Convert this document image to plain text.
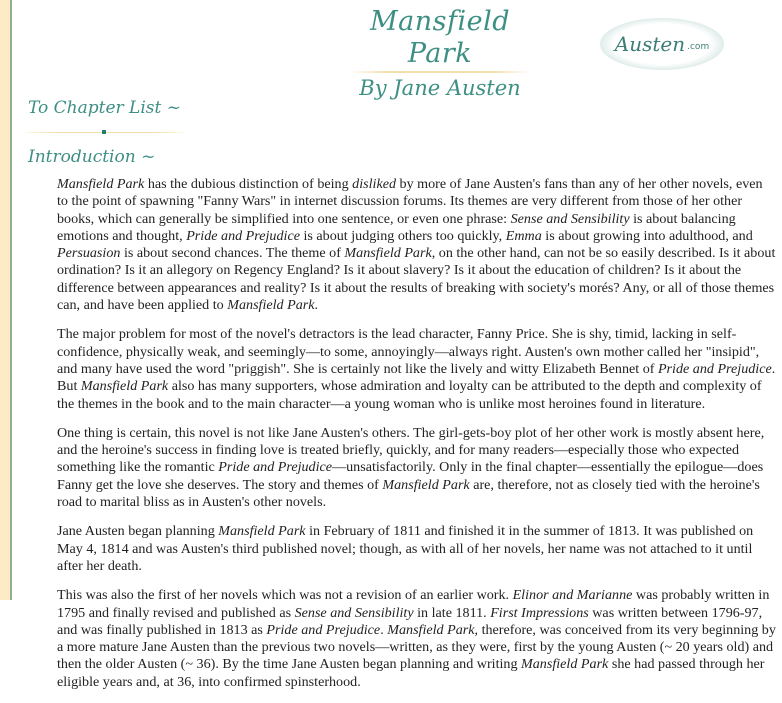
Mansfield Park
By Jane Austen
Austen .com
To Chapter List ~
Introduction ~

Mansfield Park has the dubious distinction of being disliked by more of Jane Austen's fans than any of her other novels, even to the point of spawning "Fanny Wars" in internet discussion forums. Its themes are very different from those of her other books, which can generally be simplified into one sentence, or even one phrase: Sense and Sensibility is about balancing emotions and thought, Pride and Prejudice is about judging others too quickly, Emma is about growing into adulthood, and Persuasion is about second chances. The theme of Mansfield Park, on the other hand, can not be so easily described. Is it about ordination? Is it an allegory on Regency England? Is it about slavery? Is it about the education of children? Is it about the difference between appearances and reality? Is it about the results of breaking with society's morés? Any, or all of those themes can, and have been applied to Mansfield Park.

The major problem for most of the novel's detractors is the lead character, Fanny Price. She is shy, timid, lacking in self-confidence, physically weak, and seemingly—to some, annoyingly—always right. Austen's own mother called her "insipid", and many have used the word "priggish". She is certainly not like the lively and witty Elizabeth Bennet of Pride and Prejudice. But Mansfield Park also has many supporters, whose admiration and loyalty can be attributed to the depth and complexity of the themes in the book and to the main character—a young woman who is unlike most heroines found in literature.

One thing is certain, this novel is not like Jane Austen's others. The girl-gets-boy plot of her other work is mostly absent here, and the heroine's success in finding love is treated briefly, quickly, and for many readers—especially those who expected something like the romantic Pride and Prejudice—unsatisfactorily. Only in the final chapter—essentially the epilogue—does Fanny get the love she deserves. The story and themes of Mansfield Park are, therefore, not as closely tied with the heroine's road to marital bliss as in Austen's other novels.

Jane Austen began planning Mansfield Park in February of 1811 and finished it in the summer of 1813. It was published on May 4, 1814 and was Austen's third published novel; though, as with all of her novels, her name was not attached to it until after her death.

This was also the first of her novels which was not a revision of an earlier work. Elinor and Marianne was probably written in 1795 and finally revised and published as Sense and Sensibility in late 1811. First Impressions was written between 1796-97, and was finally published in 1813 as Pride and Prejudice. Mansfield Park, therefore, was conceived from its very beginning by a more mature Jane Austen than the previous two novels—written, as they were, first by the young Austen (~ 20 years old) and then the older Austen (~ 36). By the time Jane Austen began planning and writing Mansfield Park she had passed through her eligible years and, at 36, into confirmed spinsterhood.
